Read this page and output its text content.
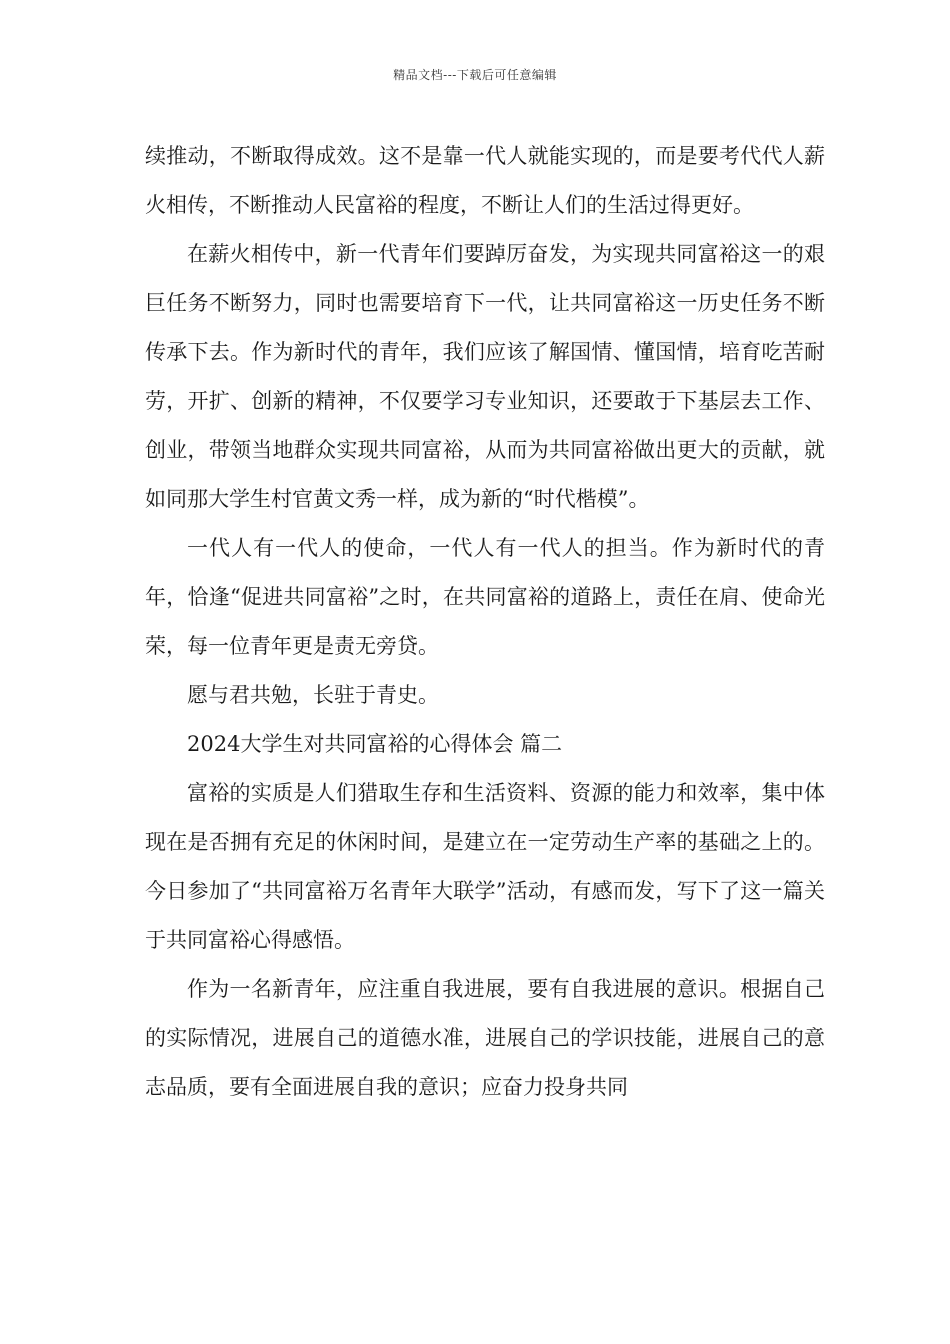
精品文档---下载后可任意编辑

续推动，不断取得成效。这不是靠一代人就能实现的，而是要考代代人薪火相传，不断推动人民富裕的程度，不断让人们的生活过得更好。

在薪火相传中，新一代青年们要踔厉奋发，为实现共同富裕这一的艰巨任务不断努力，同时也需要培育下一代，让共同富裕这一历史任务不断传承下去。作为新时代的青年，我们应该了解国情、懂国情，培育吃苦耐劳，开扩、创新的精神，不仅要学习专业知识，还要敢于下基层去工作、创业，带领当地群众实现共同富裕，从而为共同富裕做出更大的贡献，就如同那大学生村官黄文秀一样，成为新的“时代楷模”。

一代人有一代人的使命，一代人有一代人的担当。作为新时代的青年，恰逢“促进共同富裕”之时，在共同富裕的道路上，责任在肩、使命光荣，每一位青年更是责无旁贷。

愿与君共勉，长驻于青史。

2024大学生对共同富裕的心得体会 篇二

富裕的实质是人们猎取生存和生活资料、资源的能力和效率，集中体现在是否拥有充足的休闲时间，是建立在一定劳动生产率的基础之上的。今日参加了“共同富裕万名青年大联学”活动，有感而发，写下了这一篇关于共同富裕心得感悟。

作为一名新青年，应注重自我进展，要有自我进展的意识。根据自己的实际情况，进展自己的道德水准，进展自己的学识技能，进展自己的意志品质，要有全面进展自我的意识；应奋力投身共同
